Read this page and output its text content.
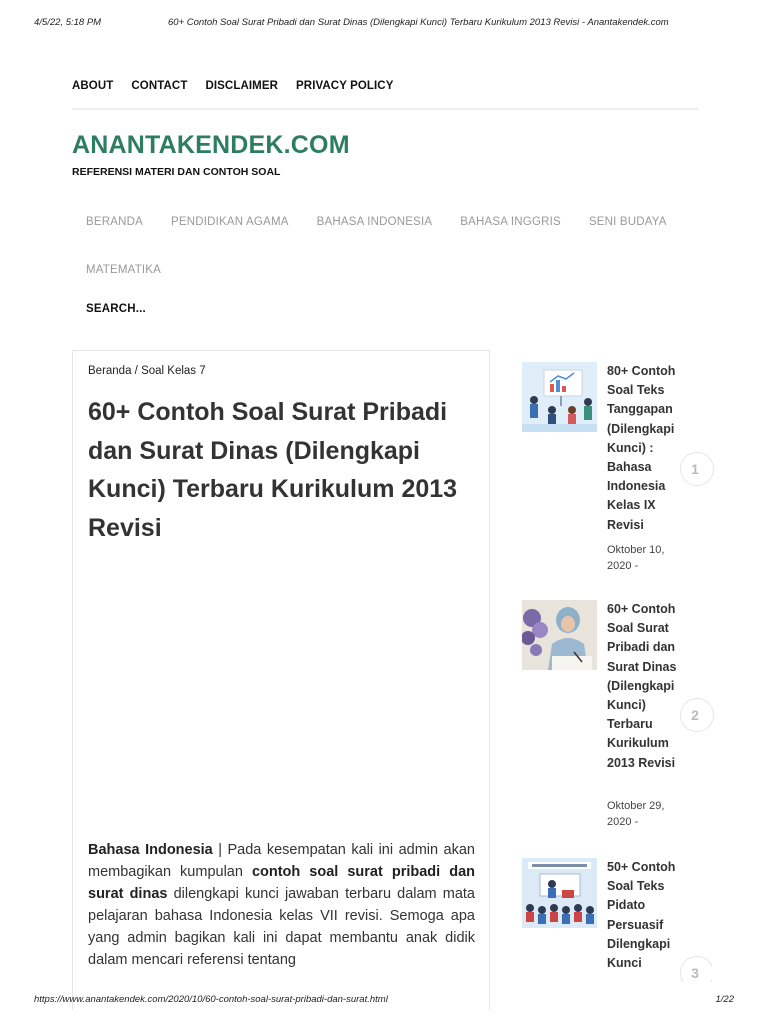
4/5/22, 5:18 PM	60+ Contoh Soal Surat Pribadi dan Surat Dinas (Dilengkapi Kunci) Terbaru Kurikulum 2013 Revisi - Anantakendek.com
ABOUT CONTACT DISCLAIMER PRIVACY POLICY
ANANTAKENDEK.COM
REFERENSI MATERI DAN CONTOH SOAL
BERANDA	PENDIDIKAN AGAMA	BAHASA INDONESIA	BAHASA INGGRIS	SENI BUDAYA
MATEMATIKA
SEARCH...
Beranda / Soal Kelas 7
60+ Contoh Soal Surat Pribadi dan Surat Dinas (Dilengkapi Kunci) Terbaru Kurikulum 2013 Revisi

Bahasa Indonesia | Pada kesempatan kali ini admin akan membagikan kumpulan contoh soal surat pribadi dan surat dinas dilengkapi kunci jawaban terbaru dalam mata pelajaran bahasa Indonesia kelas VII revisi. Semoga apa yang admin bagikan kali ini dapat membantu anak didik dalam mencari referensi tentang

80+ Contoh Soal Teks Tanggapan (Dilengkapi Kunci) : Bahasa Indonesia Kelas IX Revisi
Oktober 10, 2020 -
1
60+ Contoh Soal Surat Pribadi dan Surat Dinas (Dilengkapi Kunci) Terbaru Kurikulum 2013 Revisi
Oktober 29, 2020 -
2
50+ Contoh Soal Teks Pidato Persuasif Dilengkapi Kunci
3
https://www.anantakendek.com/2020/10/60-contoh-soal-surat-pribadi-dan-surat.html	1/22
